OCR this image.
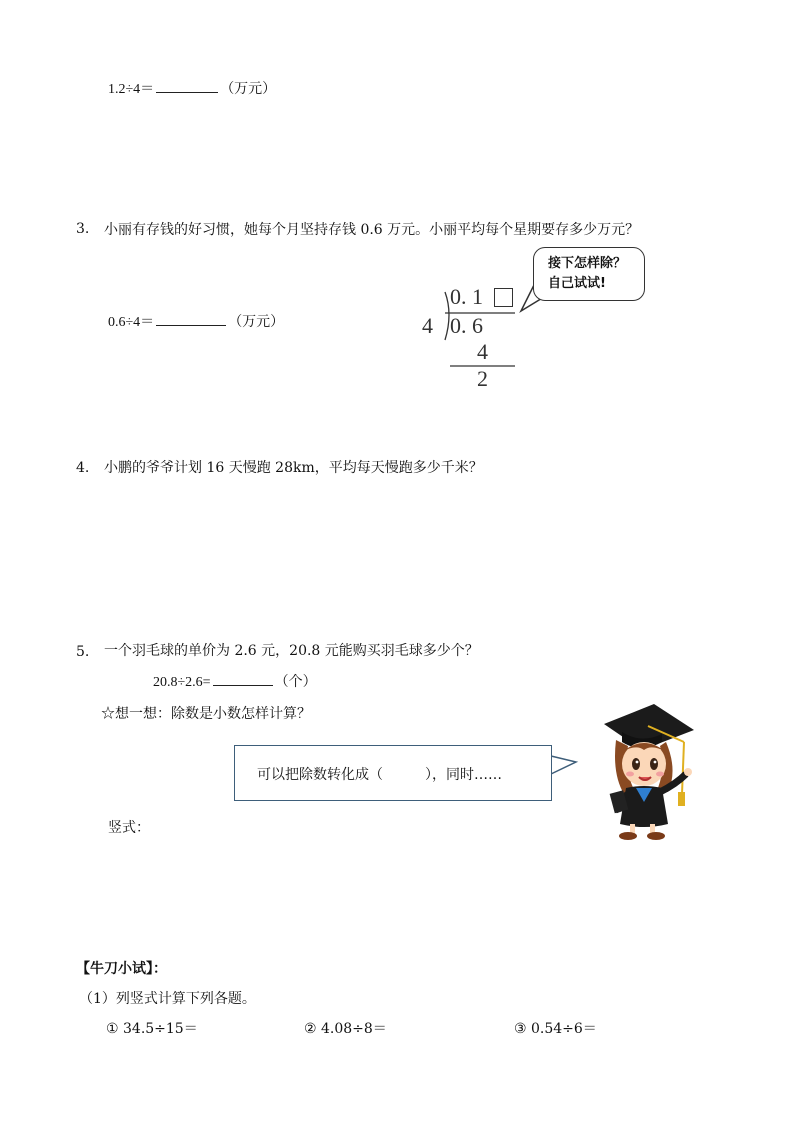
1.2÷4＝	（万元）
3. 小丽有存钱的好习惯，她每个月坚持存钱 0.6 万元。小丽平均每个星期要存多少万元？
0.6÷4＝	（万元）
0. 1
4 0. 6
4
2
接下怎样除？
自己试试!
4. 小鹏的爷爷计划 16 天慢跑 28km，平均每天慢跑多少千米？
5. 一个羽毛球的单价为 2.6 元，20.8 元能购买羽毛球多少个？
20.8÷2.6=	（个）
☆想一想：除数是小数怎样计算？
可以把除数转化成（　　　），同时……
竖式：
【牛刀小试】：
（1）列竖式计算下列各题。
① 34.5÷15＝	② 4.08÷8＝	③ 0.54÷6＝
